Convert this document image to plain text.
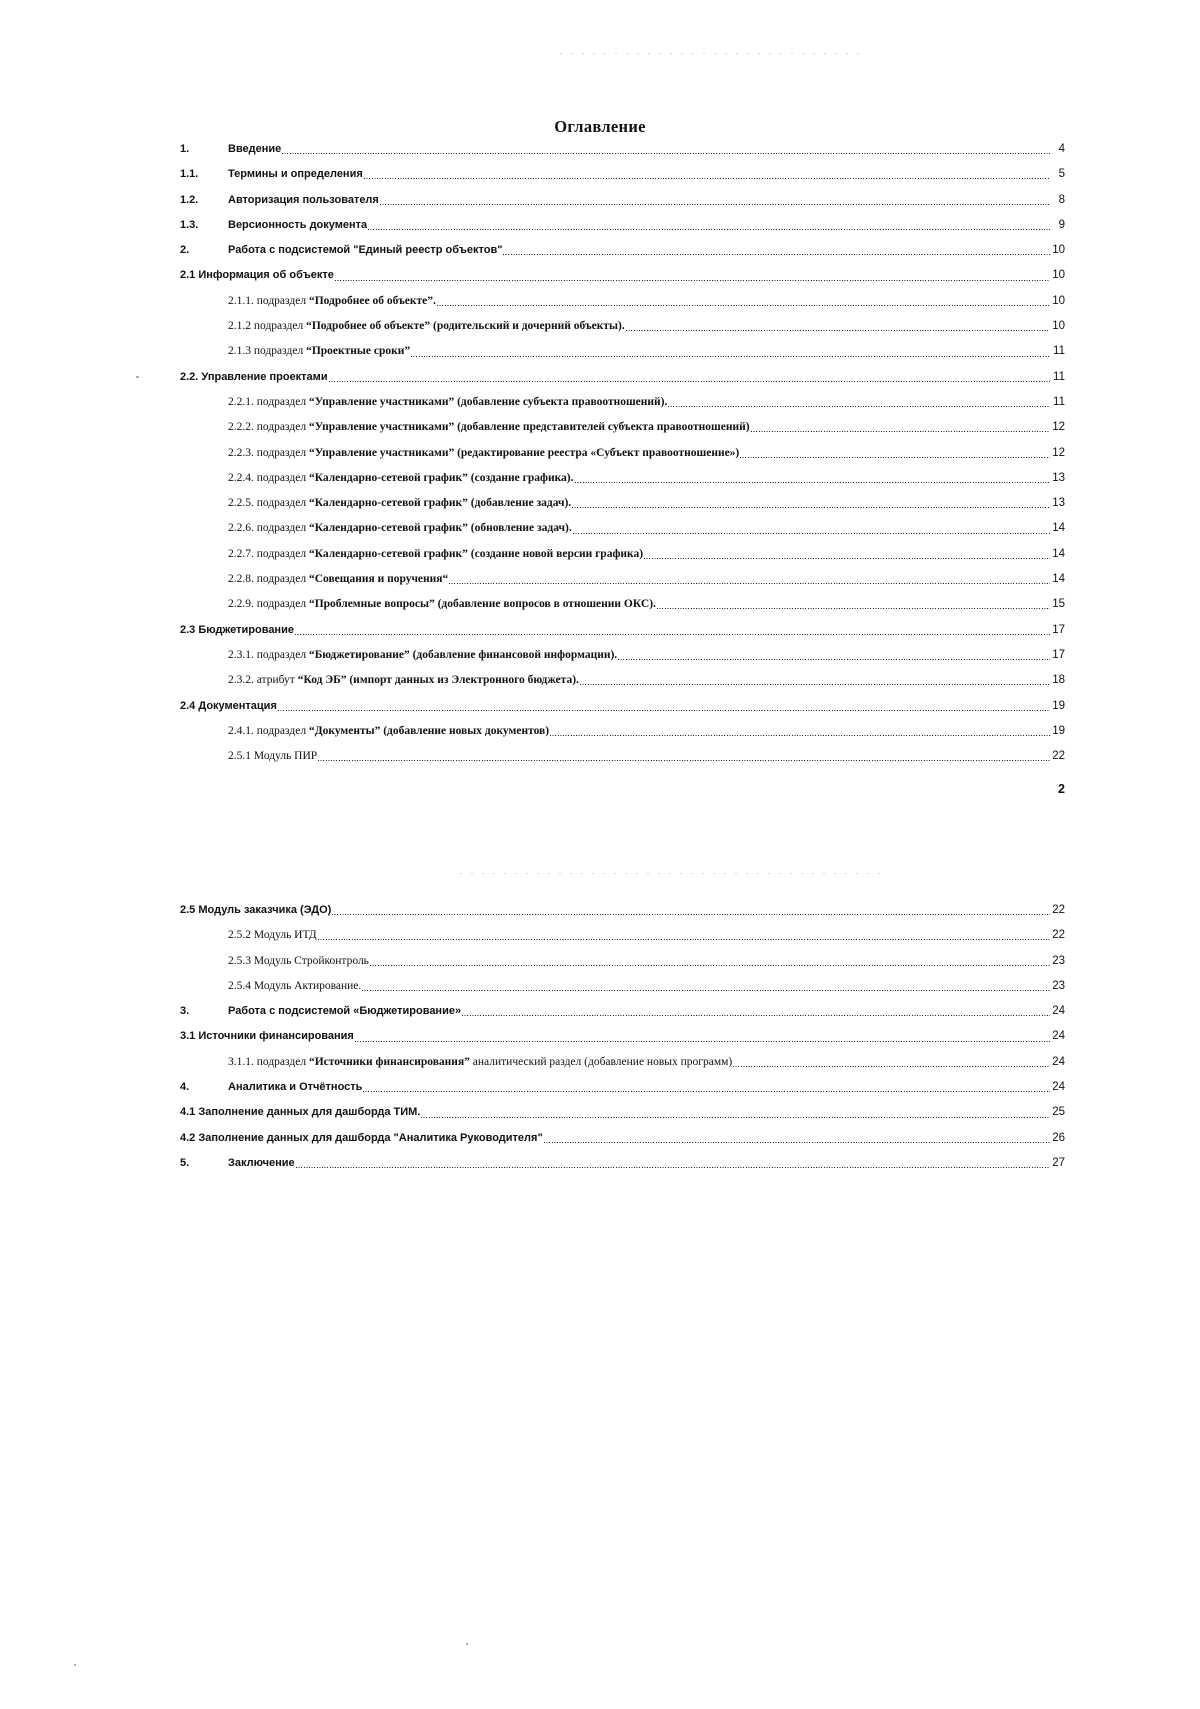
Оглавление
1.	Введение	4
1.1.	Термины и определения	5
1.2.	Авторизация пользователя	8
1.3.	Версионность документа	9
2.	Работа с подсистемой "Единый реестр объектов"	10
2.1 Информация об объекте	10
2.1.1. подраздел “Подробнее об объекте”.	10
2.1.2 подраздел “Подробнее об объекте” (родительский и дочерний объекты).	10
2.1.3 подраздел “Проектные сроки”	11
2.2. Управление проектами	11
2.2.1. подраздел “Управление участниками” (добавление субъекта правоотношений).	11
2.2.2. подраздел “Управление участниками” (добавление представителей субъекта правоотношений)	12
2.2.3. подраздел “Управление участниками” (редактирование реестра «Субъект правоотношение»)	12
2.2.4. подраздел “Календарно-сетевой график” (создание графика).	13
2.2.5. подраздел “Календарно-сетевой график” (добавление задач).	13
2.2.6. подраздел “Календарно-сетевой график” (обновление задач).	14
2.2.7. подраздел “Календарно-сетевой график” (создание новой версии графика)	14
2.2.8. подраздел “Совещания и поручения“	14
2.2.9. подраздел “Проблемные вопросы” (добавление вопросов в отношении ОКС).	15
2.3 Бюджетирование	17
2.3.1. подраздел “Бюджетирование” (добавление финансовой информации).	17
2.3.2. атрибут “Код ЭБ” (импорт данных из Электронного бюджета).	18
2.4 Документация	19
2.4.1. подраздел “Документы” (добавление новых документов)	19
2.5.1 Модуль ПИР	22
2
2.5 Модуль заказчика (ЭДО)	22
2.5.2 Модуль ИТД	22
2.5.3 Модуль Стройконтроль	23
2.5.4 Модуль Актирование.	23
3.	Работа с подсистемой «Бюджетирование»	24
3.1 Источники финансирования	24
3.1.1. подраздел “Источники финансирования” аналитический раздел (добавление новых программ)	24
4.	Аналитика и Отчётность	24
4.1 Заполнение данных для дашборда ТИМ.	25
4.2 Заполнение данных для дашборда "Аналитика Руководителя"	26
5.	Заключение	27
